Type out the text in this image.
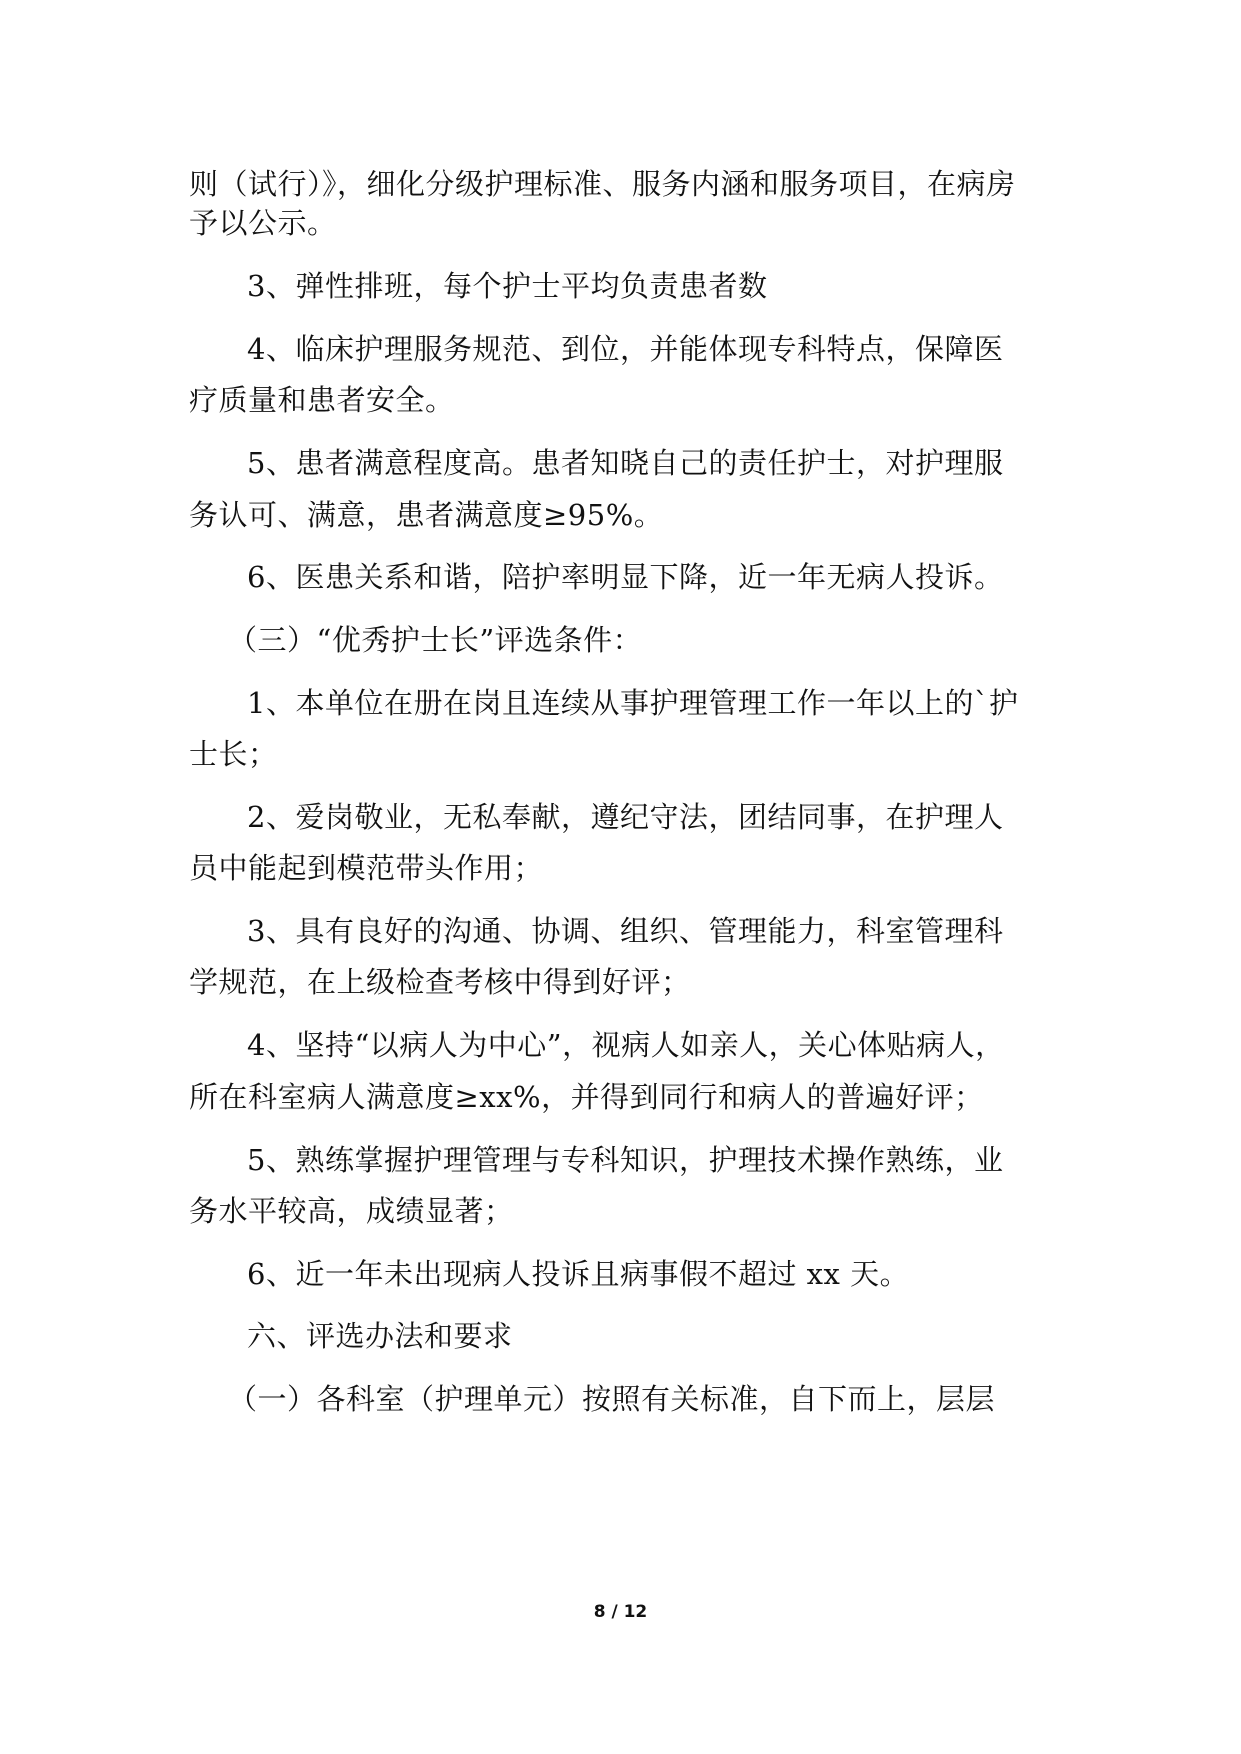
则（试行）》，细化分级护理标准、服务内涵和服务项目，在病房
予以公示。
3、弹性排班，每个护士平均负责患者数
4、临床护理服务规范、到位，并能体现专科特点，保障医
疗质量和患者安全。
5、患者满意程度高。患者知晓自己的责任护士，对护理服
务认可、满意，患者满意度≥95%。
6、医患关系和谐，陪护率明显下降，近一年无病人投诉。
（三）“优秀护士长”评选条件：
1、本单位在册在岗且连续从事护理管理工作一年以上的`护
士长；
2、爱岗敬业，无私奉献，遵纪守法，团结同事，在护理人
员中能起到模范带头作用；
3、具有良好的沟通、协调、组织、管理能力，科室管理科
学规范，在上级检查考核中得到好评；
4、坚持“以病人为中心”，视病人如亲人，关心体贴病人，
所在科室病人满意度≥xx%，并得到同行和病人的普遍好评；
5、熟练掌握护理管理与专科知识，护理技术操作熟练，业
务水平较高，成绩显著；
6、近一年未出现病人投诉且病事假不超过 xx 天。
六、评选办法和要求
（一）各科室（护理单元）按照有关标准，自下而上，层层
8 / 12
